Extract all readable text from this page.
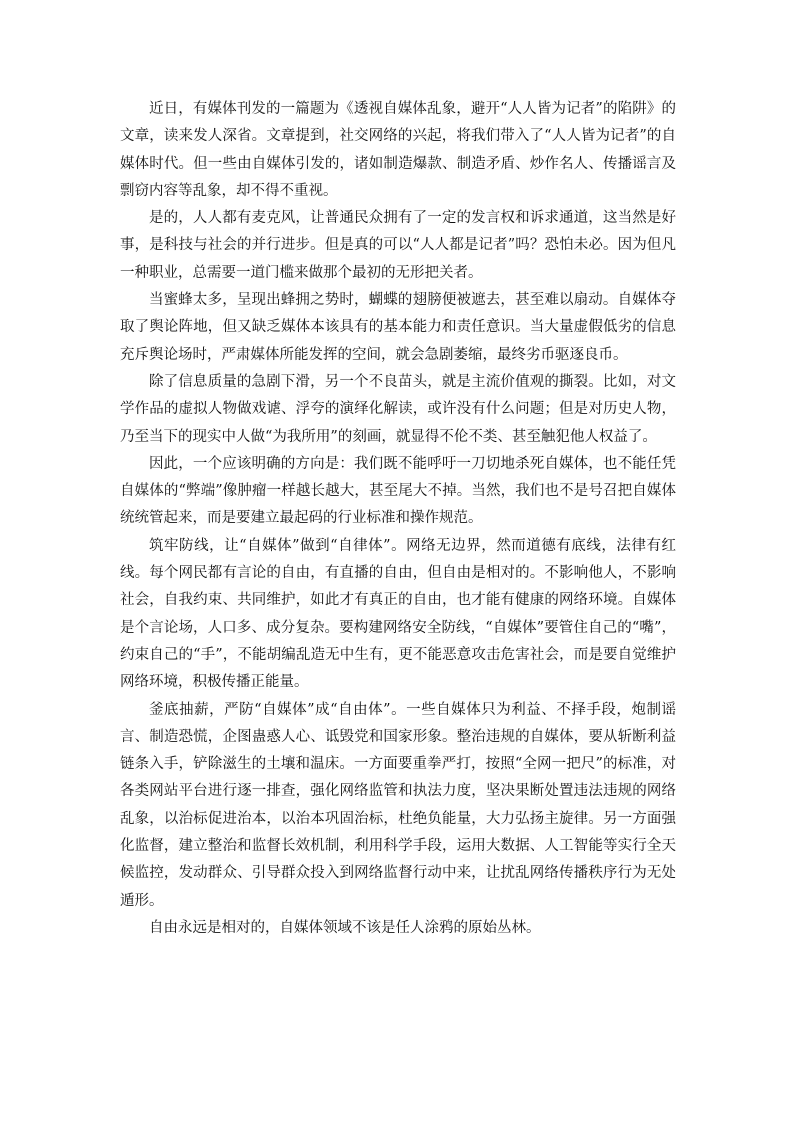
近日，有媒体刊发的一篇题为《透视自媒体乱象，避开“人人皆为记者”的陷阱》的文章，读来发人深省。文章提到，社交网络的兴起，将我们带入了“人人皆为记者”的自媒体时代。但一些由自媒体引发的，诸如制造爆款、制造矛盾、炒作名人、传播谣言及剽窃内容等乱象，却不得不重视。

是的，人人都有麦克风，让普通民众拥有了一定的发言权和诉求通道，这当然是好事，是科技与社会的并行进步。但是真的可以“人人都是记者”吗？恐怕未必。因为但凡一种职业，总需要一道门槛来做那个最初的无形把关者。

当蜜蜂太多，呈现出蜂拥之势时，蝴蝶的翅膀便被遮去，甚至难以扇动。自媒体夺取了舆论阵地，但又缺乏媒体本该具有的基本能力和责任意识。当大量虚假低劣的信息充斥舆论场时，严肃媒体所能发挥的空间，就会急剧萎缩，最终劣币驱逐良币。

除了信息质量的急剧下滑，另一个不良苗头，就是主流价值观的撕裂。比如，对文学作品的虚拟人物做戏谑、浮夸的演绎化解读，或许没有什么问题；但是对历史人物，乃至当下的现实中人做“为我所用”的刻画，就显得不伦不类、甚至触犯他人权益了。

因此，一个应该明确的方向是：我们既不能呼吁一刀切地杀死自媒体，也不能任凭自媒体的“弊端”像肿瘤一样越长越大，甚至尾大不掉。当然，我们也不是号召把自媒体统统管起来，而是要建立最起码的行业标准和操作规范。

筑牢防线，让“自媒体”做到“自律体”。网络无边界，然而道德有底线，法律有红线。每个网民都有言论的自由，有直播的自由，但自由是相对的。不影响他人，不影响社会，自我约束、共同维护，如此才有真正的自由，也才能有健康的网络环境。自媒体是个言论场，人口多、成分复杂。要构建网络安全防线，“自媒体”要管住自己的“嘴”，约束自己的“手”，不能胡编乱造无中生有，更不能恶意攻击危害社会，而是要自觉维护网络环境，积极传播正能量。

釜底抽薪，严防“自媒体”成“自由体”。一些自媒体只为利益、不择手段，炮制谣言、制造恐慌，企图蛊惑人心、诋毁党和国家形象。整治违规的自媒体，要从斩断利益链条入手，铲除滋生的土壤和温床。一方面要重拳严打，按照“全网一把尺”的标准，对各类网站平台进行逐一排查，强化网络监管和执法力度，坚决果断处置违法违规的网络乱象，以治标促进治本，以治本巩固治标，杜绝负能量，大力弘扬主旋律。另一方面强化监督，建立整治和监督长效机制，利用科学手段，运用大数据、人工智能等实行全天候监控，发动群众、引导群众投入到网络监督行动中来，让扰乱网络传播秩序行为无处遁形。

自由永远是相对的，自媒体领域不该是任人涂鸦的原始丛林。
